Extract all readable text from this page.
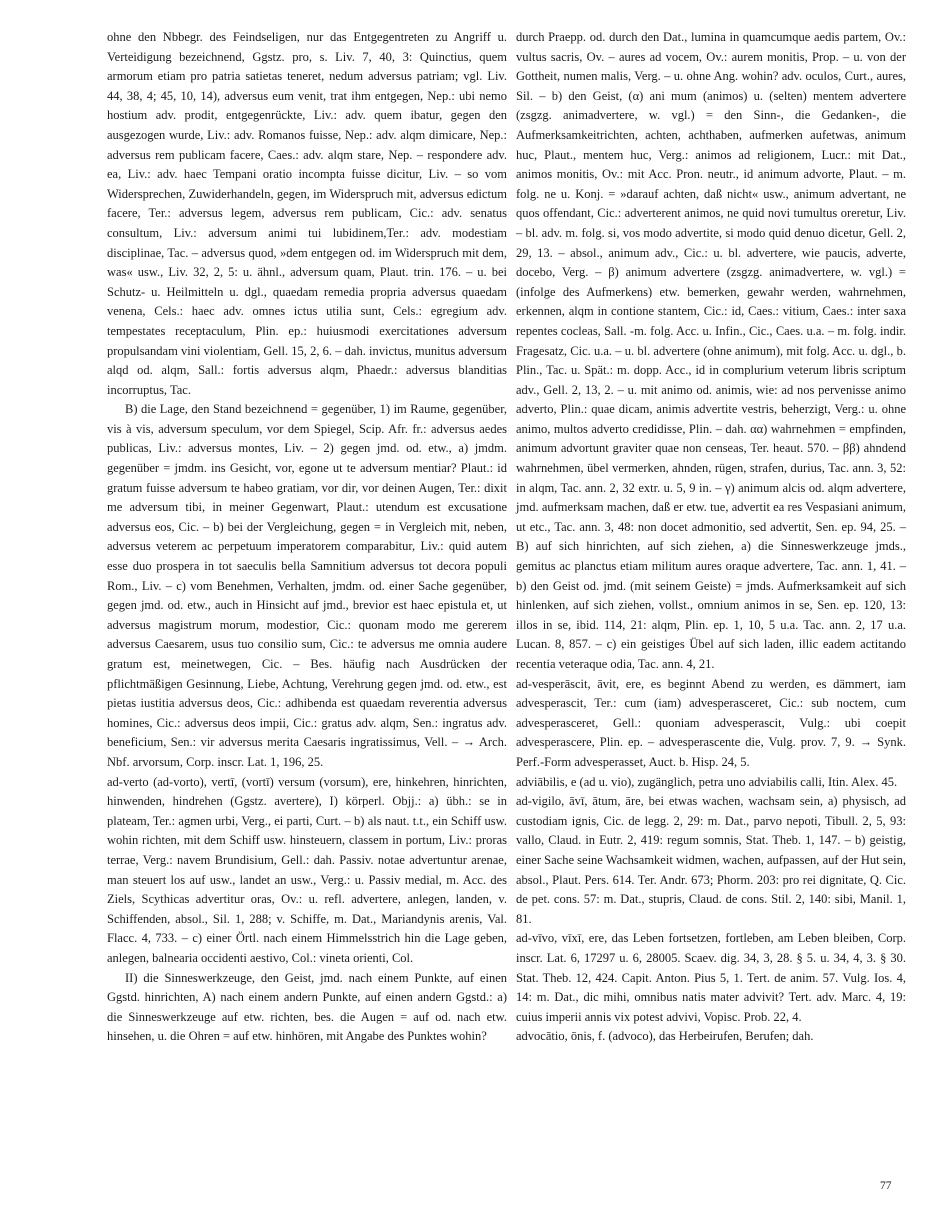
ohne den Nbbegr. des Feindseligen, nur das Entgegentreten zu Angriff u. Verteidigung bezeichnend, Ggstz. pro, s. Liv. 7, 40, 3: Quinctius, quem armorum etiam pro patria satietas teneret, nedum adversus patriam; vgl. Liv. 44, 38, 4; 45, 10, 14), adversus eum venit, trat ihm entgegen, Nep.: ubi nemo hostium adv. prodit, entgegenrückte, Liv.: adv. quem ibatur, gegen den ausgezogen wurde, Liv.: adv. Romanos fuisse, Nep.: adv. alqm dimicare, Nep.: adversus rem publicam facere, Caes.: adv. alqm stare, Nep. – respondere adv. ea, Liv.: adv. haec Tempani oratio incompta fuisse dicitur, Liv. – so vom Widersprechen, Zuwiderhandeln, gegen, im Widerspruch mit, adversus edictum facere, Ter.: adversus legem, adversus rem publicam, Cic.: adv. senatus consultum, Liv.: adversum animi tui lubidinem,Ter.: adv. modestiam disciplinae, Tac. – adversus quod, »dem entgegen od. im Widerspruch mit dem, was« usw., Liv. 32, 2, 5: u. ähnl., adversum quam, Plaut. trin. 176. – u. bei Schutz- u. Heilmitteln u. dgl., quaedam remedia propria adversus quaedam venena, Cels.: haec adv. omnes ictus utilia sunt, Cels.: egregium adv. tempestates receptaculum, Plin. ep.: huiusmodi exercitationes adversum propulsandam vini violentiam, Gell. 15, 2, 6. – dah. invictus, munitus adversum alqd od. alqm, Sall.: fortis adversus alqm, Phaedr.: adversus blanditias incorruptus, Tac.

B) die Lage, den Stand bezeichnend = gegenüber, 1) im Raume, gegenüber, vis à vis, adversum speculum, vor dem Spiegel, Scip. Afr. fr.: adversus aedes publicas, Liv.: adversus montes, Liv. – 2) gegen jmd. od. etw., a) jmdm. gegenüber = jmdm. ins Gesicht, vor, egone ut te adversum mentiar? Plaut.: id gratum fuisse adversum te habeo gratiam, vor dir, vor deinen Augen, Ter.: dixit me adversum tibi, in meiner Gegenwart, Plaut.: utendum est excusatione adversus eos, Cic. – b) bei der Vergleichung, gegen = in Vergleich mit, neben, adversus veterem ac perpetuum imperatorem comparabitur, Liv.: quid autem esse duo prospera in tot saeculis bella Samnitium adversus tot decora populi Rom., Liv. – c) vom Benehmen, Verhalten, jmdm. od. einer Sache gegenüber, gegen jmd. od. etw., auch in Hinsicht auf jmd., brevior est haec epistula et, ut adversus magistrum morum, modestior, Cic.: quonam modo me gererem adversus Caesarem, usus tuo consilio sum, Cic.: te adversus me omnia audere gratum est, meinetwegen, Cic. – Bes. häufig nach Ausdrücken der pflichtmäßigen Gesinnung, Liebe, Achtung, Verehrung gegen jmd. od. etw., est pietas iustitia adversus deos, Cic.: adhibenda est quaedam reverentia adversus homines, Cic.: adversus deos impii, Cic.: gratus adv. alqm, Sen.: ingratus adv. beneficium, Sen.: vir adversus merita Caesaris ingratissimus, Vell. – → Arch. Nbf. arvorsum, Corp. inscr. Lat. 1, 196, 25.

ad-verto (ad-vorto), vertī, (vortī) versum (vorsum), ere, hinkehren, hinrichten, hinwenden, hindrehen (Ggstz. avertere), I) körperl. Objj.: a) übh.: se in plateam, Ter.: agmen urbi, Verg., ei parti, Curt. – b) als naut. t.t., ein Schiff usw. wohin richten, mit dem Schiff usw. hinsteuern, classem in portum, Liv.: proras terrae, Verg.: navem Brundisium, Gell.: dah. Passiv. notae advertuntur arenae, man steuert los auf usw., landet an usw., Verg.: u. Passiv medial, m. Acc. des Ziels, Scythicas advertitur oras, Ov.: u. refl. advertere, anlegen, landen, v. Schiffenden, absol., Sil. 1, 288; v. Schiffe, m. Dat., Mariandynis arenis, Val. Flacc. 4, 733. – c) einer Örtl. nach einem Himmelsstrich hin die Lage geben, anlegen, balnearia occidenti aestivo, Col.: vineta orienti, Col.

II) die Sinneswerkzeuge, den Geist, jmd. nach einem Punkte, auf einen Ggstd. hinrichten, A) nach einem andern Punkte, auf einen andern Ggstd.: a) die Sinneswerkzeuge auf etw. richten, bes. die Augen = auf od. nach etw. hinsehen, u. die Ohren = auf etw. hinhören, mit Angabe des Punktes wohin?

durch Praepp. od. durch den Dat., lumina in quamcumque aedis partem, Ov.: vultus sacris, Ov. – aures ad vocem, Ov.: aurem monitis, Prop. – u. von der Gottheit, numen malis, Verg. – u. ohne Ang. wohin? adv. oculos, Curt., aures, Sil. – b) den Geist, (α) ani mum (animos) u. (selten) mentem advertere (zsgzg. animadvertere, w. vgl.) = den Sinn-, die Gedanken-, die Aufmerksamkeitrichten, achten, achthaben, aufmerken aufetwas, animum huc, Plaut., mentem huc, Verg.: animos ad religionem, Lucr.: mit Dat., animos monitis, Ov.: mit Acc. Pron. neutr., id animum advorte, Plaut. – m. folg. ne u. Konj. = »darauf achten, daß nicht« usw., animum advertant, ne quos offendant, Cic.: adverterent animos, ne quid novi tumultus oreretur, Liv. – bl. adv. m. folg. si, vos modo advertite, si modo quid denuo dicetur, Gell. 2, 29, 13. – absol., animum adv., Cic.: u. bl. advertere, wie paucis, adverte, docebo, Verg. – β) animum advertere (zsgzg. animadvertere, w. vgl.) = (infolge des Aufmerkens) etw. bemerken, gewahr werden, wahrnehmen, erkennen, alqm in contione stantem, Cic.: id, Caes.: vitium, Caes.: inter saxa repentes cocleas, Sall. -m. folg. Acc. u. Infin., Cic., Caes. u.a. – m. folg. indir. Fragesatz, Cic. u.a. – u. bl. advertere (ohne animum), mit folg. Acc. u. dgl., b. Plin., Tac. u. Spät.: m. dopp. Acc., id in complurium veterum libris scriptum adv., Gell. 2, 13, 2. – u. mit animo od. animis, wie: ad nos pervenisse animo adverto, Plin.: quae dicam, animis advertite vestris, beherzigt, Verg.: u. ohne animo, multos adverto credidisse, Plin. – dah. αα) wahrnehmen = empfinden, animum advortunt graviter quae non censeas, Ter. heaut. 570. – ββ) ahndend wahrnehmen, übel vermerken, ahnden, rügen, strafen, durius, Tac. ann. 3, 52: in alqm, Tac. ann. 2, 32 extr. u. 5, 9 in. – γ) animum alcis od. alqm advertere, jmd. aufmerksam machen, daß er etw. tue, advertit ea res Vespasiani animum, ut etc., Tac. ann. 3, 48: non docet admonitio, sed advertit, Sen. ep. 94, 25. – B) auf sich hinrichten, auf sich ziehen, a) die Sinneswerkzeuge jmds., gemitus ac planctus etiam militum aures oraque advertere, Tac. ann. 1, 41. – b) den Geist od. jmd. (mit seinem Geiste) = jmds. Aufmerksamkeit auf sich hinlenken, auf sich ziehen, vollst., omnium animos in se, Sen. ep. 120, 13: illos in se, ibid. 114, 21: alqm, Plin. ep. 1, 10, 5 u.a. Tac. ann. 2, 17 u.a. Lucan. 8, 857. – c) ein geistiges Übel auf sich laden, illic eadem actitando recentia veteraque odia, Tac. ann. 4, 21.

ad-vesperāscit, āvit, ere, es beginnt Abend zu werden, es dämmert, iam advesperascit, Ter.: cum (iam) advesperasceret, Cic.: sub noctem, cum advesperasceret, Gell.: quoniam advesperascit, Vulg.: ubi coepit advesperascere, Plin. ep. – advesperascente die, Vulg. prov. 7, 9. → Synk. Perf.-Form advesperasset, Auct. b. Hisp. 24, 5.

adviābilis, e (ad u. vio), zugänglich, petra uno adviabilis calli, Itin. Alex. 45.

ad-vigilo, āvī, ātum, āre, bei etwas wachen, wachsam sein, a) physisch, ad custodiam ignis, Cic. de legg. 2, 29: m. Dat., parvo nepoti, Tibull. 2, 5, 93: vallo, Claud. in Eutr. 2, 419: regum somnis, Stat. Theb. 1, 147. – b) geistig, einer Sache seine Wachsamkeit widmen, wachen, aufpassen, auf der Hut sein, absol., Plaut. Pers. 614. Ter. Andr. 673; Phorm. 203: pro rei dignitate, Q. Cic. de pet. cons. 57: m. Dat., stupris, Claud. de cons. Stil. 2, 140: sibi, Manil. 1, 81.

ad-vīvo, vīxī, ere, das Leben fortsetzen, fortleben, am Leben bleiben, Corp. inscr. Lat. 6, 17297 u. 6, 28005. Scaev. dig. 34, 3, 28. § 5. u. 34, 4, 3. § 30. Stat. Theb. 12, 424. Capit. Anton. Pius 5, 1. Tert. de anim. 57. Vulg. Ios. 4, 14: m. Dat., dic mihi, omnibus natis mater advivit? Tert. adv. Marc. 4, 19: cuius imperii annis vix potest advivi, Vopisc. Prob. 22, 4.

advocātio, ōnis, f. (advoco), das Herbeirufen, Berufen; dah.

77
